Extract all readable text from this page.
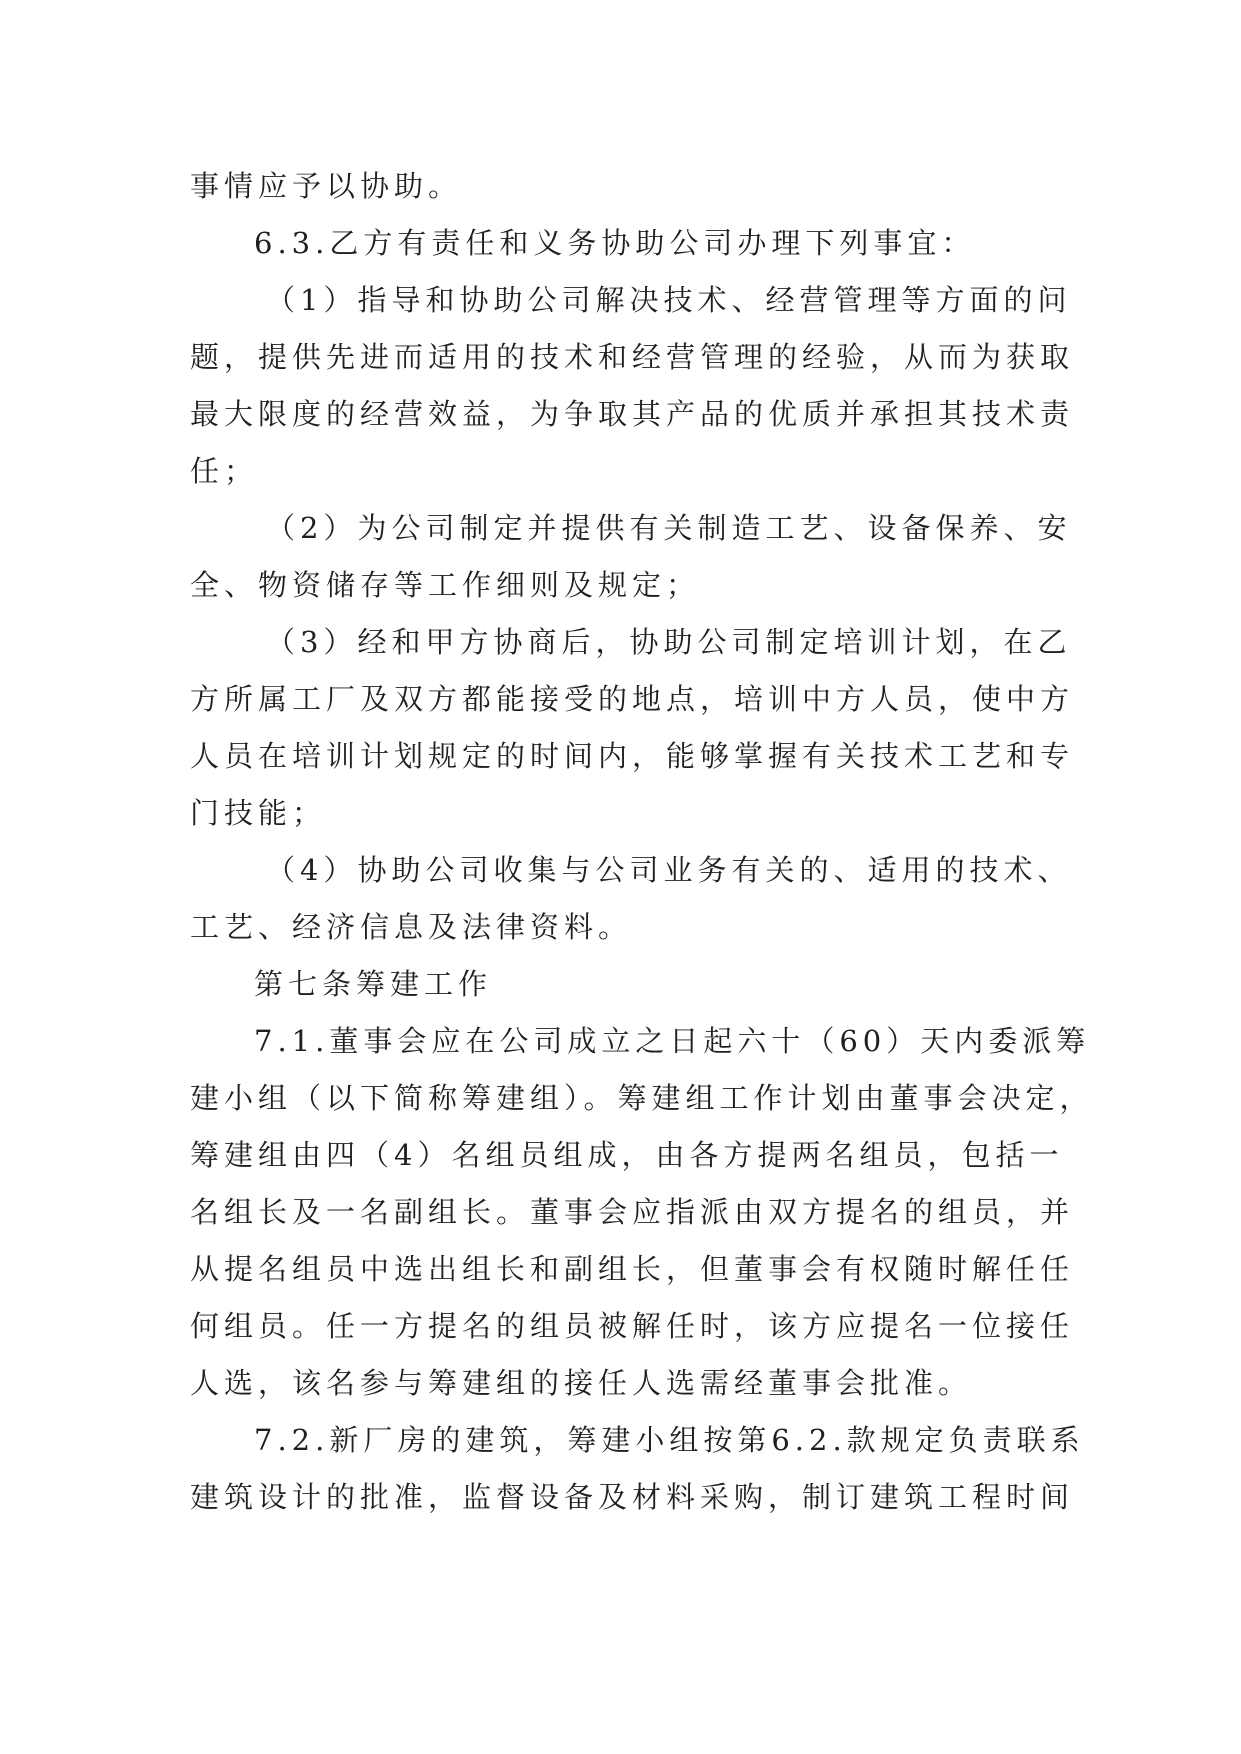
事情应予以协助。
6.3.乙方有责任和义务协助公司办理下列事宜：
（1）指导和协助公司解决技术、经营管理等方面的问
题，提供先进而适用的技术和经营管理的经验，从而为获取
最大限度的经营效益，为争取其产品的优质并承担其技术责
任；
（2）为公司制定并提供有关制造工艺、设备保养、安
全、物资储存等工作细则及规定；
（3）经和甲方协商后，协助公司制定培训计划，在乙
方所属工厂及双方都能接受的地点，培训中方人员，使中方
人员在培训计划规定的时间内，能够掌握有关技术工艺和专
门技能；
（4）协助公司收集与公司业务有关的、适用的技术、
工艺、经济信息及法律资料。
第七条筹建工作
7.1.董事会应在公司成立之日起六十（60）天内委派筹
建小组（以下简称筹建组）。筹建组工作计划由董事会决定，
筹建组由四（4）名组员组成，由各方提两名组员，包括一
名组长及一名副组长。董事会应指派由双方提名的组员，并
从提名组员中选出组长和副组长，但董事会有权随时解任任
何组员。任一方提名的组员被解任时，该方应提名一位接任
人选，该名参与筹建组的接任人选需经董事会批准。
7.2.新厂房的建筑，筹建小组按第6.2.款规定负责联系
建筑设计的批准，监督设备及材料采购，制订建筑工程时间
